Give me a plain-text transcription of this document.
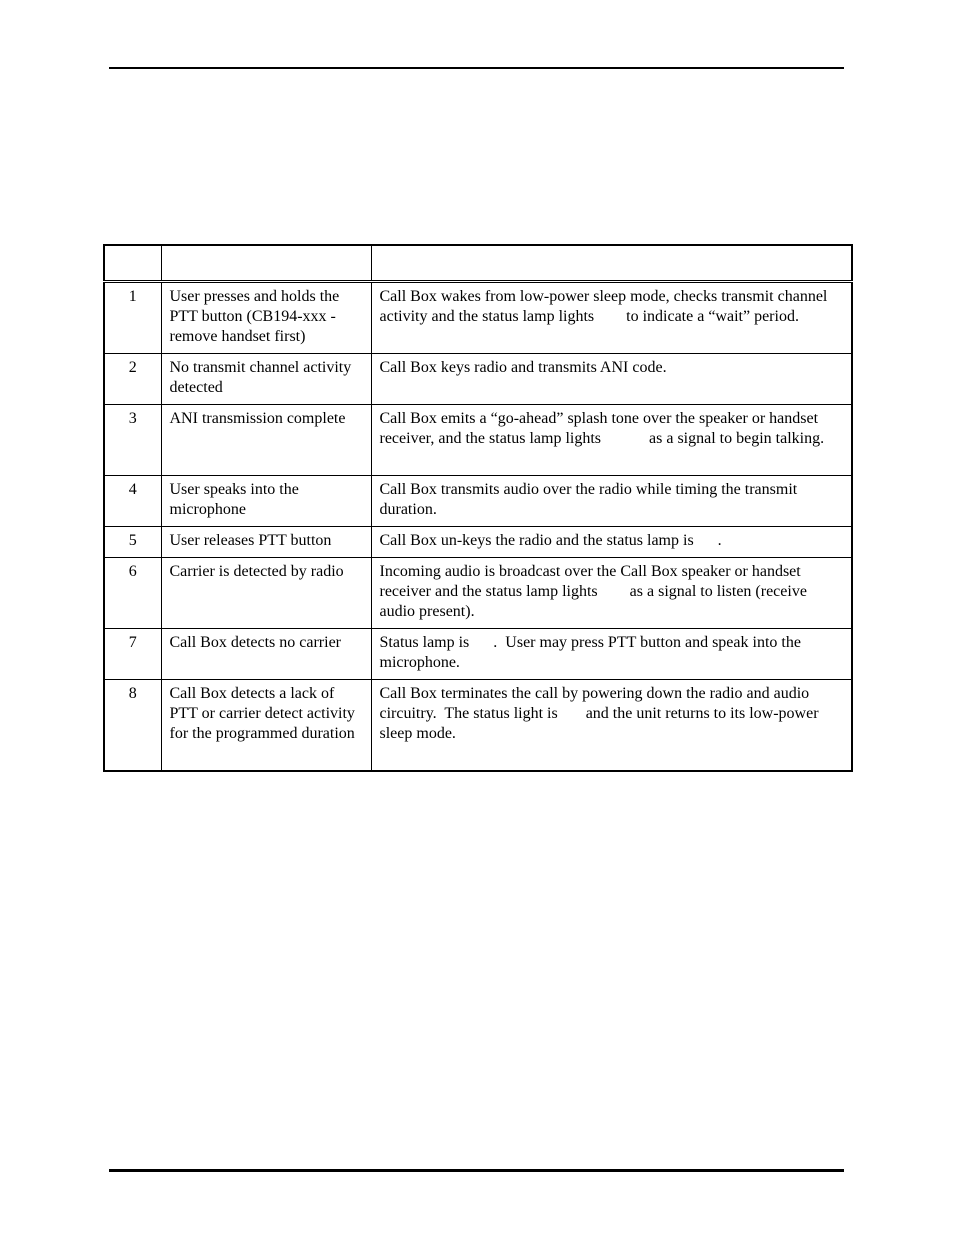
1	User presses and holds the PTT button (CB194-xxx - remove handset first)	Call Box wakes from low-power sleep mode, checks transmit channel activity and the status lamp lights        to indicate a “wait” period.
2	No transmit channel activity detected	Call Box keys radio and transmits ANI code.
3	ANI transmission complete	Call Box emits a “go-ahead” splash tone over the speaker or handset receiver, and the status lamp lights            as a signal to begin talking.
4	User speaks into the microphone	Call Box transmits audio over the radio while timing the transmit duration.
5	User releases PTT button	Call Box un-keys the radio and the status lamp is      .
6	Carrier is detected by radio	Incoming audio is broadcast over the Call Box speaker or handset receiver and the status lamp lights        as a signal to listen (receive audio present).
7	Call Box detects no carrier	Status lamp is      .  User may press PTT button and speak into the microphone.
8	Call Box detects a lack of PTT or carrier detect activity for the programmed duration	Call Box terminates the call by powering down the radio and audio circuitry.  The status light is       and the unit returns to its low-power sleep mode.
